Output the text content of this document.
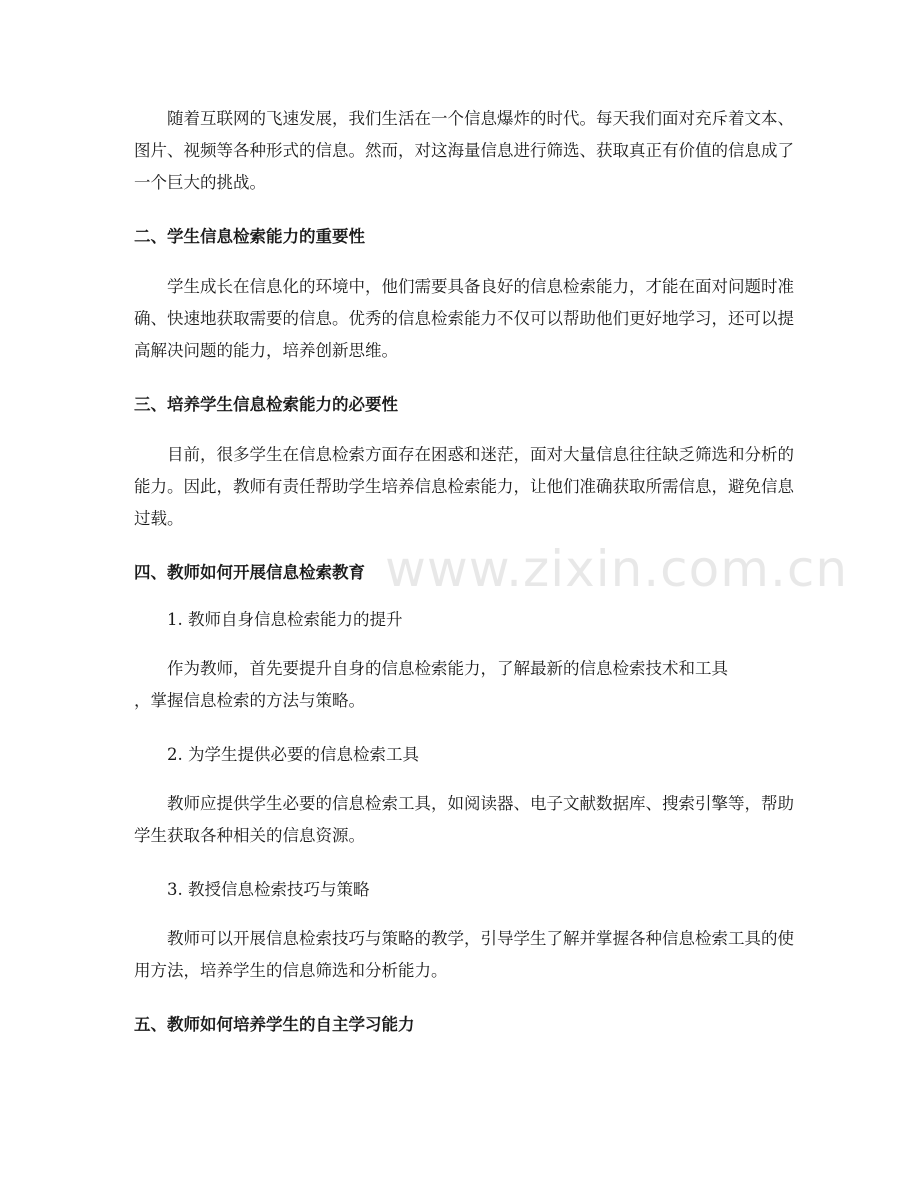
随着互联网的飞速发展，我们生活在一个信息爆炸的时代。每天我们面对充斥着文本、图片、视频等各种形式的信息。然而，对这海量信息进行筛选、获取真正有价值的信息成了一个巨大的挑战。

二、学生信息检索能力的重要性

学生成长在信息化的环境中，他们需要具备良好的信息检索能力，才能在面对问题时准确、快速地获取需要的信息。优秀的信息检索能力不仅可以帮助他们更好地学习，还可以提高解决问题的能力，培养创新思维。

三、培养学生信息检索能力的必要性

目前，很多学生在信息检索方面存在困惑和迷茫，面对大量信息往往缺乏筛选和分析的能力。因此，教师有责任帮助学生培养信息检索能力，让他们准确获取所需信息，避免信息过载。

四、教师如何开展信息检索教育

1. 教师自身信息检索能力的提升

作为教师，首先要提升自身的信息检索能力，了解最新的信息检索技术和工具
，掌握信息检索的方法与策略。

2. 为学生提供必要的信息检索工具

教师应提供学生必要的信息检索工具，如阅读器、电子文献数据库、搜索引擎等，帮助学生获取各种相关的信息资源。

3. 教授信息检索技巧与策略

教师可以开展信息检索技巧与策略的教学，引导学生了解并掌握各种信息检索工具的使用方法，培养学生的信息筛选和分析能力。

五、教师如何培养学生的自主学习能力
www.zixin.com.cn
